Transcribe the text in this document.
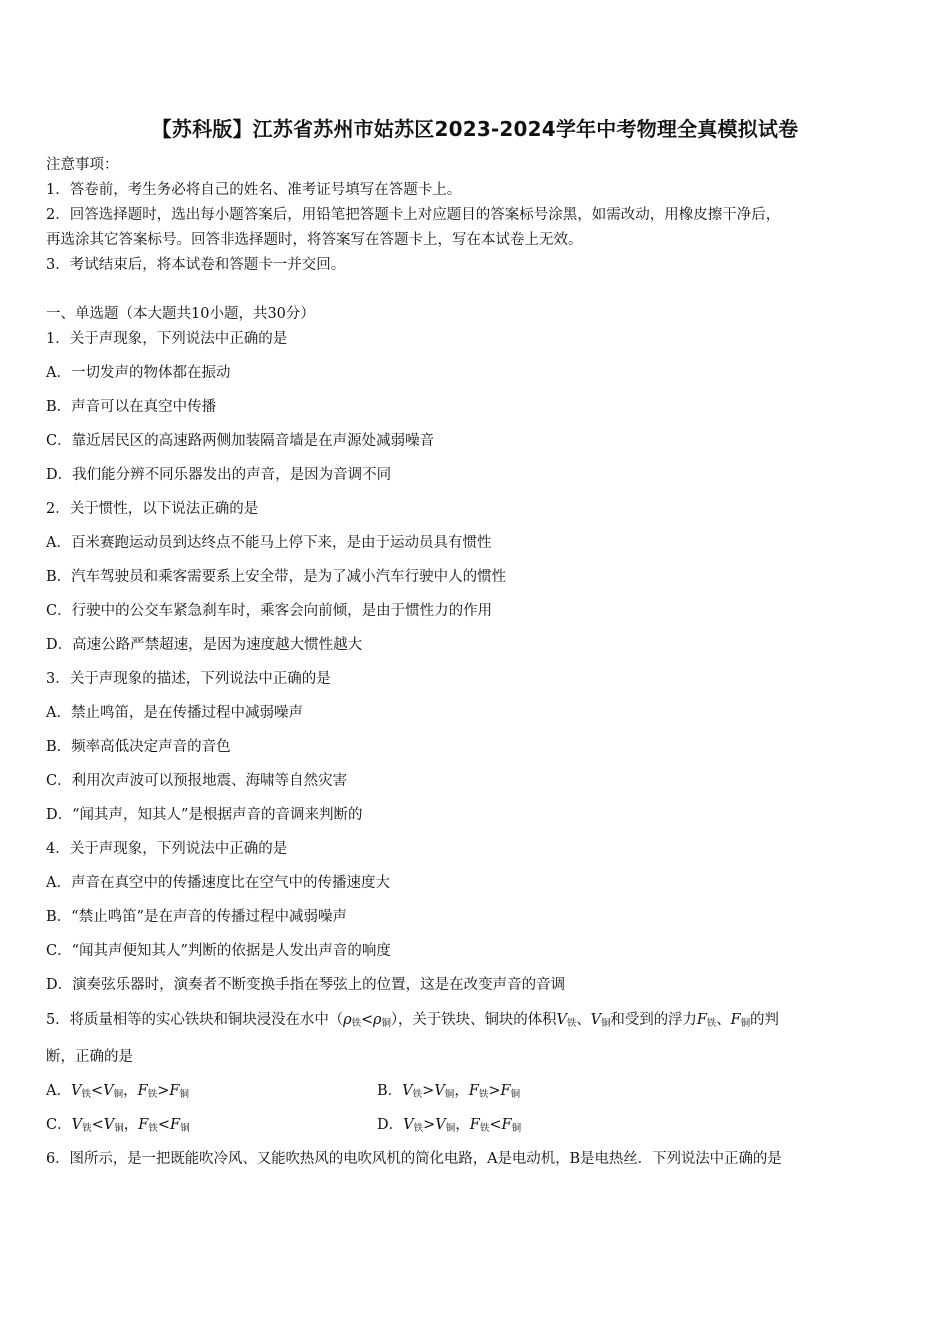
【苏科版】江苏省苏州市姑苏区2023-2024学年中考物理全真模拟试卷
注意事项：
1．答卷前，考生务必将自己的姓名、准考证号填写在答题卡上。
2．回答选择题时，选出每小题答案后，用铅笔把答题卡上对应题目的答案标号涂黑，如需改动，用橡皮擦干净后，
再选涂其它答案标号。回答非选择题时，将答案写在答题卡上，写在本试卷上无效。
3．考试结束后，将本试卷和答题卡一并交回。
一、单选题（本大题共10小题，共30分）
1．关于声现象，下列说法中正确的是
A．一切发声的物体都在振动
B．声音可以在真空中传播
C．靠近居民区的高速路两侧加装隔音墙是在声源处减弱噪音
D．我们能分辨不同乐器发出的声音，是因为音调不同
2．关于惯性，以下说法正确的是
A．百米赛跑运动员到达终点不能马上停下来，是由于运动员具有惯性
B．汽车驾驶员和乘客需要系上安全带，是为了减小汽车行驶中人的惯性
C．行驶中的公交车紧急刹车时，乘客会向前倾，是由于惯性力的作用
D．高速公路严禁超速，是因为速度越大惯性越大
3．关于声现象的描述，下列说法中正确的是
A．禁止鸣笛，是在传播过程中减弱噪声
B．频率高低决定声音的音色
C．利用次声波可以预报地震、海啸等自然灾害
D．“闻其声，知其人”是根据声音的音调来判断的
4．关于声现象，下列说法中正确的是
A．声音在真空中的传播速度比在空气中的传播速度大
B．“禁止鸣笛”是在声音的传播过程中减弱噪声
C．“闻其声便知其人”判断的依据是人发出声音的响度
D．演奏弦乐器时，演奏者不断变换手指在琴弦上的位置，这是在改变声音的音调
5．将质量相等的实心铁块和铜块浸没在水中（ρ铁<ρ铜），关于铁块、铜块的体积V铁、V铜和受到的浮力F铁、F铜的判
断，正确的是
A．V铁<V铜，F铁>F铜	B．V铁>V铜，F铁>F铜
C．V铁<V铜，F铁<F铜	D．V铁>V铜，F铁<F铜
6．图所示，是一把既能吹冷风、又能吹热风的电吹风机的简化电路，A是电动机，B是电热丝．下列说法中正确的是
